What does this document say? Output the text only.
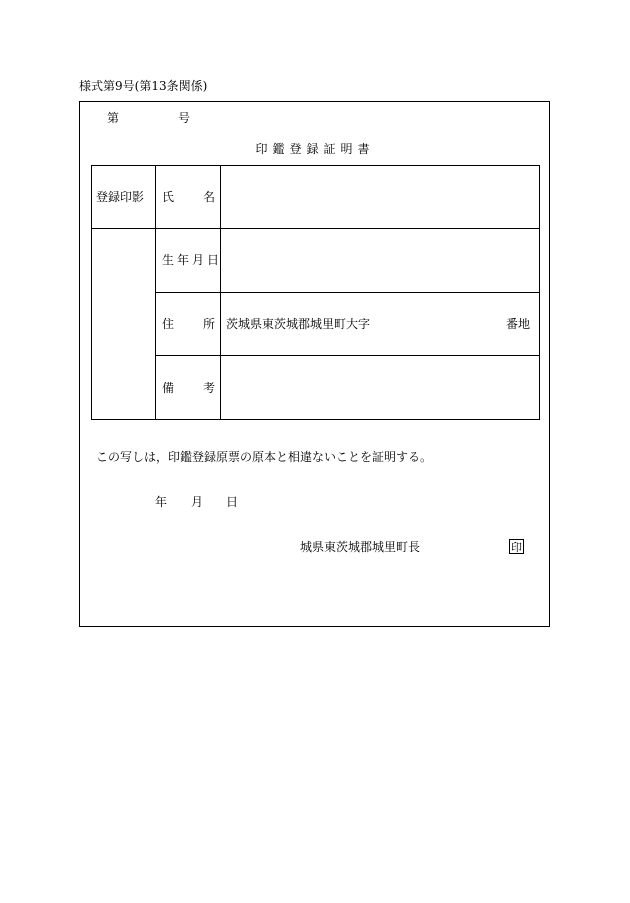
様式第9号(第13条関係)
第	号
印鑑登録証明書
登録印影 氏 名
生年月日
住 所 茨城県東茨城郡城里町大字	番地
備 考
この写しは，印鑑登録原票の原本と相違ないことを証明する。
年 月 日
城県東茨城郡城里町長	印
